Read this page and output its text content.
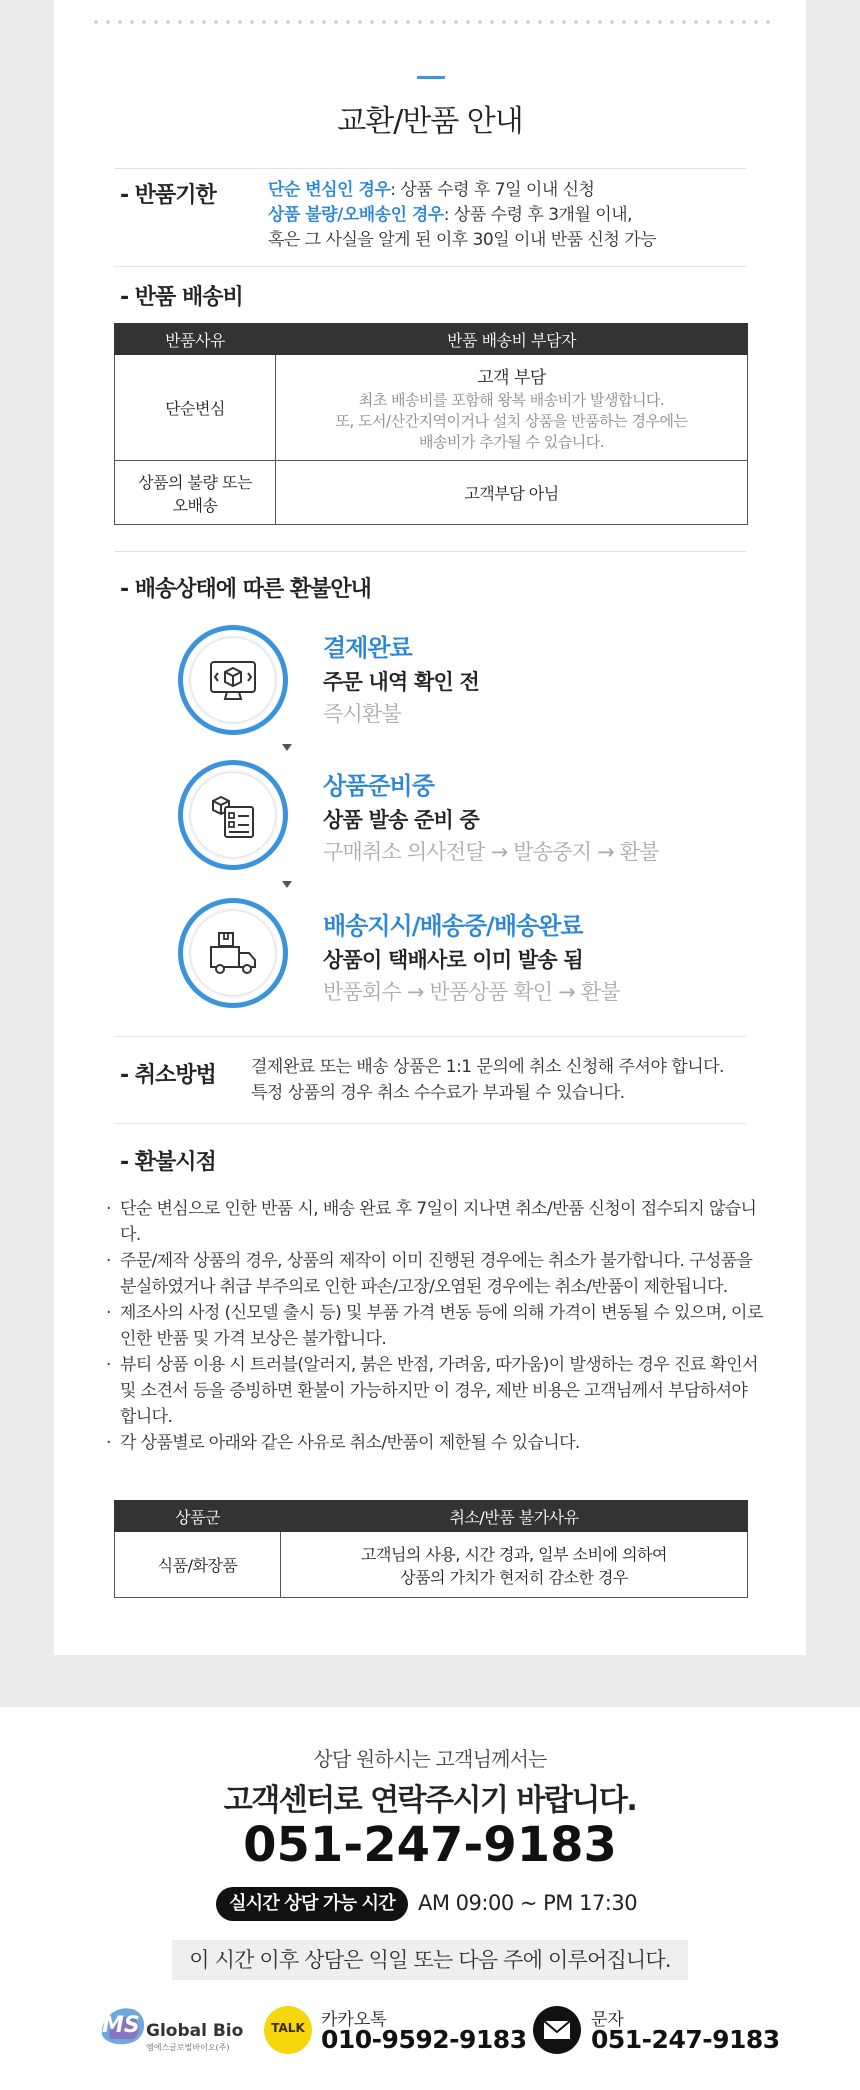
교환/반품 안내
- 반품기한	단순 변심인 경우: 상품 수령 후 7일 이내 신청
상품 불량/오배송인 경우: 상품 수령 후 3개월 이내,
혹은 그 사실을 알게 된 이후 30일 이내 반품 신청 가능
- 반품 배송비
반품사유	반품 배송비 부담자
단순변심	고객 부담
최초 배송비를 포함해 왕복 배송비가 발생합니다.
또, 도서/산간지역이거나 설치 상품을 반품하는 경우에는
배송비가 추가될 수 있습니다.

상품의 불량 또는
오배송	고객부담 아님
- 배송상태에 따른 환불안내
결제완료
주문 내역 확인 전
즉시환불
상품준비중
상품 발송 준비 중
구매취소 의사전달 → 발송중지 → 환불
배송지시/배송중/배송완료
상품이 택배사로 이미 발송 됨
반품회수 → 반품상품 확인 → 환불
- 취소방법 결제완료 또는 배송 상품은 1:1 문의에 취소 신청해 주셔야 합니다.
특정 상품의 경우 취소 수수료가 부과될 수 있습니다.
- 환불시점
· 단순 변심으로 인한 반품 시, 배송 완료 후 7일이 지나면 취소/반품 신청이 접수되지 않습니다.
· 주문/제작 상품의 경우, 상품의 제작이 이미 진행된 경우에는 취소가 불가합니다. 구성품을 분실하였거나 취급 부주의로 인한 파손/고장/오염된 경우에는 취소/반품이 제한됩니다.
· 제조사의 사정 (신모델 출시 등) 및 부품 가격 변동 등에 의해 가격이 변동될 수 있으며, 이로 인한 반품 및 가격 보상은 불가합니다.
· 뷰티 상품 이용 시 트러블(알러지, 붉은 반점, 가려움, 따가움)이 발생하는 경우 진료 확인서 및 소견서 등을 증빙하면 환불이 가능하지만 이 경우, 제반 비용은 고객님께서 부담하셔야 합니다.
· 각 상품별로 아래와 같은 사유로 취소/반품이 제한될 수 있습니다.
상품군	취소/반품 불가사유
식품/화장품	고객님의 사용, 시간 경과, 일부 소비에 의하여
상품의 가치가 현저히 감소한 경우
상담 원하시는 고객님께서는
고객센터로 연락주시기 바랍니다.
051-247-9183
실시간 상담 가능 시간	AM 09:00 ~ PM 17:30
이 시간 이후 상담은 익일 또는 다음 주에 이루어집니다.
MS Global Bio
엠에스글로벌바이오(주)
TALK 카카오톡
010-9592-9183
문자
051-247-9183
